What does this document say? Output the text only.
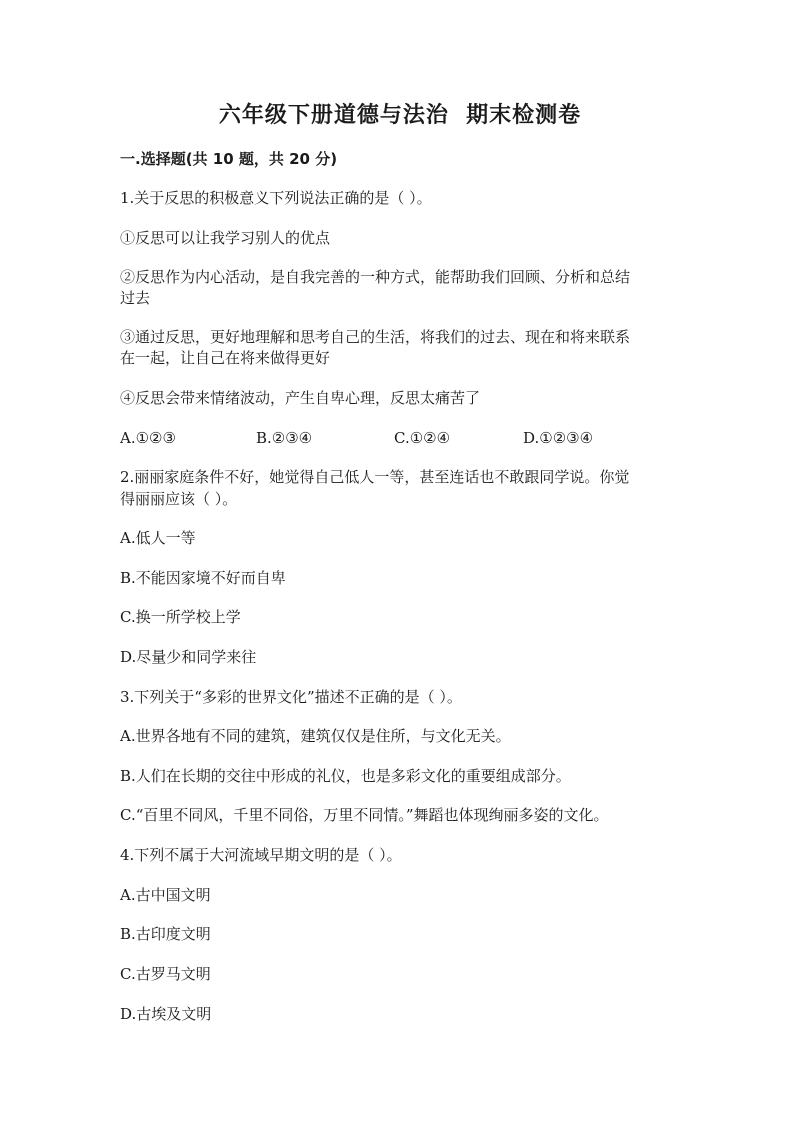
六年级下册道德与法治  期末检测卷
一.选择题(共 10 题，共 20 分)
1.关于反思的积极意义下列说法正确的是（ ）。
①反思可以让我学习别人的优点
②反思作为内心活动，是自我完善的一种方式，能帮助我们回顾、分析和总结
过去
③通过反思，更好地理解和思考自己的生活，将我们的过去、现在和将来联系
在一起，让自己在将来做得更好
④反思会带来情绪波动，产生自卑心理，反思太痛苦了
A.①②③	B.②③④	C.①②④	D.①②③④
2.丽丽家庭条件不好，她觉得自己低人一等，甚至连话也不敢跟同学说。你觉
得丽丽应该（ ）。
A.低人一等
B.不能因家境不好而自卑
C.换一所学校上学
D.尽量少和同学来往
3.下列关于“多彩的世界文化”描述不正确的是（ ）。
A.世界各地有不同的建筑，建筑仅仅是住所，与文化无关。
B.人们在长期的交往中形成的礼仪，也是多彩文化的重要组成部分。
C.“百里不同风，千里不同俗，万里不同情。”舞蹈也体现绚丽多姿的文化。
4.下列不属于大河流域早期文明的是（ ）。
A.古中国文明
B.古印度文明
C.古罗马文明
D.古埃及文明
